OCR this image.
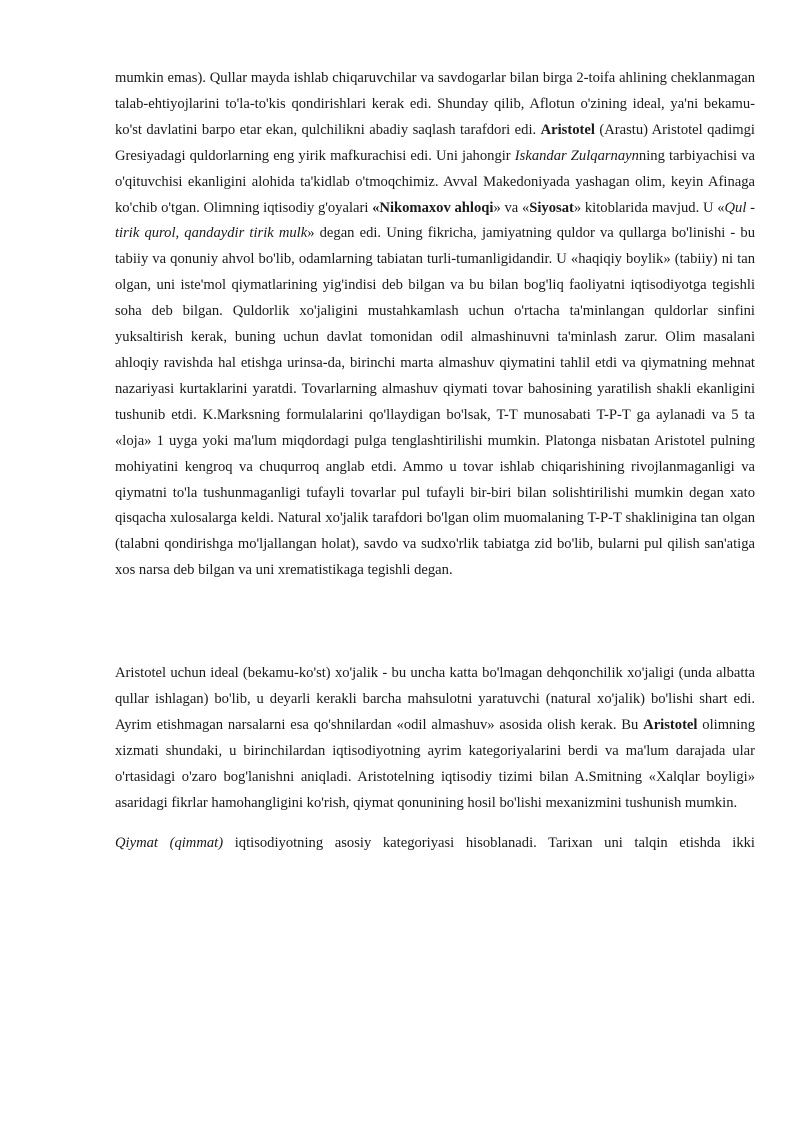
mumkin emas). Qullar mayda ishlab chiqaruvchilar va savdogarlar bilan birga 2-toifa ahlining cheklanmagan talab-ehtiyojlarini to'la-to'kis qondirishlari kerak edi. Shunday qilib, Aflotun o'zining ideal, ya'ni bekamu-ko'st davlatini barpo etar ekan, qulchilikni abadiy saqlash tarafdori edi. Aristotel (Arastu) Aristotel qadimgi Gresiyadagi quldorlarning eng yirik mafkurachisi edi. Uni jahongir Iskandar Zulqarnaynning tarbiyachisi va o'qituvchisi ekanligini alohida ta'kidlab o'tmoqchimiz. Avval Makedoniyada yashagan olim, keyin Afinaga ko'chib o'tgan. Olimning iqtisodiy g'oyalari «Nikomaxov ahloqi» va «Siyosat» kitoblarida mavjud. U «Qul - tirik qurol, qandaydir tirik mulk» degan edi. Uning fikricha, jamiyatning quldor va qullarga bo'linishi - bu tabiiy va qonuniy ahvol bo'lib, odamlarning tabiatan turli-tumanligidandir. U «haqiqiy boylik» (tabiiy) ni tan olgan, uni iste'mol qiymatlarining yig'indisi deb bilgan va bu bilan bog'liq faoliyatni iqtisodiyotga tegishli soha deb bilgan. Quldorlik xo'jaligini mustahkamlash uchun o'rtacha ta'minlangan quldorlar sinfini yuksaltirish kerak, buning uchun davlat tomonidan odil almashinuvni ta'minlash zarur. Olim masalani ahloqiy ravishda hal etishga urinsa-da, birinchi marta almashuv qiymatini tahlil etdi va qiymatning mehnat nazariyasi kurtaklarini yaratdi. Tovarlarning almashuv qiymati tovar bahosining yaratilish shakli ekanligini tushunib etdi. K.Marksning formulalarini qo'llaydigan bo'lsak, T-T munosabati T-P-T ga aylanadi va 5 ta «loja» 1 uyga yoki ma'lum miqdordagi pulga tenglashtirilishi mumkin. Platonga nisbatan Aristotel pulning mohiyatini kengroq va chuqurroq anglab etdi. Ammo u tovar ishlab chiqarishining rivojlanmaganligi va qiymatni to'la tushunmaganligi tufayli tovarlar pul tufayli bir-biri bilan solishtirilishi mumkin degan xato qisqacha xulosalarga keldi. Natural xo'jalik tarafdori bo'lgan olim muomalaning T-P-T shaklinigina tan olgan (talabni qondirishga mo'ljallangan holat), savdo va sudxo'rlik tabiatga zid bo'lib, bularni pul qilish san'atiga xos narsa deb bilgan va uni xrematistikaga tegishli degan.

Aristotel uchun ideal (bekamu-ko'st) xo'jalik - bu uncha katta bo'lmagan dehqonchilik xo'jaligi (unda albatta qullar ishlagan) bo'lib, u deyarli kerakli barcha mahsulotni yaratuvchi (natural xo'jalik) bo'lishi shart edi. Ayrim etishmagan narsalarni esa qo'shnilardan «odil almashuv» asosida olish kerak. Bu Aristotel olimning xizmati shundaki, u birinchilardan iqtisodiyotning ayrim kategoriyalarini berdi va ma'lum darajada ular o'rtasidagi o'zaro bog'lanishni aniqladi. Aristotelning iqtisodiy tizimi bilan A.Smitning «Xalqlar boyligi» asaridagi fikrlar hamohangligini ko'rish, qiymat qonunining hosil bo'lishi mexanizmini tushunish mumkin.

Qiymat (qimmat) iqtisodiyotning asosiy kategoriyasi hisoblanadi. Tarixan uni talqin etishda ikki
